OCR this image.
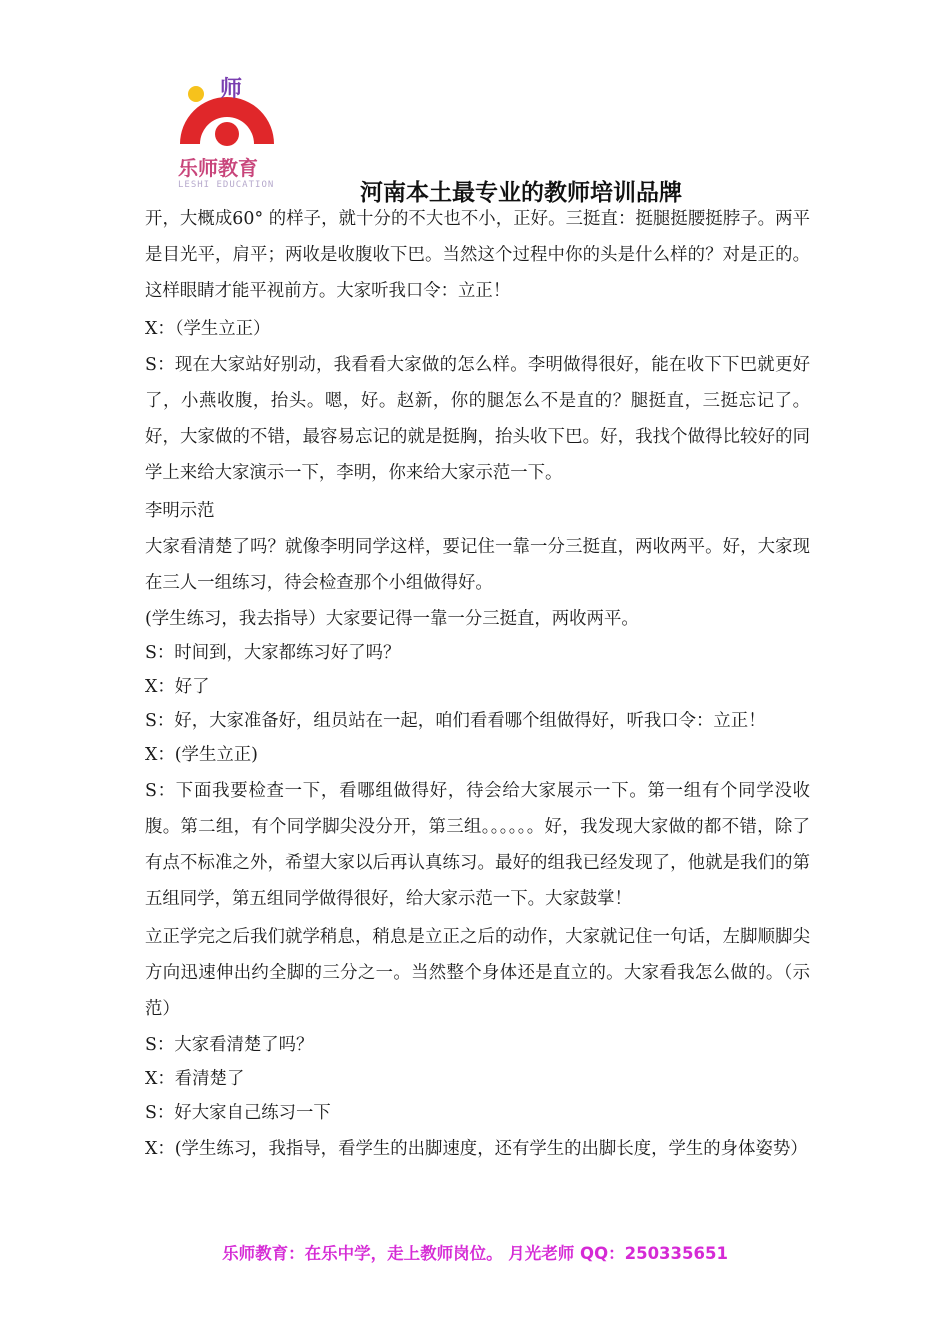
师
乐师教育
LESHI EDUCATION	河南本土最专业的教师培训品牌
开，大概成60° 的样子，就十分的不大也不小，正好。三挺直：挺腿挺腰挺脖子。两平是目光平，肩平；两收是收腹收下巴。当然这个过程中你的头是什么样的？对是正的。这样眼睛才能平视前方。大家听我口令：立正！
X：（学生立正）
S：现在大家站好别动，我看看大家做的怎么样。李明做得很好，能在收下下巴就更好了，小燕收腹，抬头。嗯，好。赵新，你的腿怎么不是直的？腿挺直，三挺忘记了。好，大家做的不错，最容易忘记的就是挺胸，抬头收下巴。好，我找个做得比较好的同学上来给大家演示一下，李明，你来给大家示范一下。
李明示范
大家看清楚了吗？就像李明同学这样，要记住一靠一分三挺直，两收两平。好，大家现在三人一组练习，待会检查那个小组做得好。
(学生练习，我去指导）大家要记得一靠一分三挺直，两收两平。
S：时间到，大家都练习好了吗？
X：好了
S：好，大家准备好，组员站在一起，咱们看看哪个组做得好，听我口令：立正！
X：(学生立正)
S：下面我要检查一下，看哪组做得好，待会给大家展示一下。第一组有个同学没收腹。第二组，有个同学脚尖没分开，第三组。。。。。。好，我发现大家做的都不错，除了有点不标准之外，希望大家以后再认真练习。最好的组我已经发现了，他就是我们的第五组同学，第五组同学做得很好，给大家示范一下。大家鼓掌！
立正学完之后我们就学稍息，稍息是立正之后的动作，大家就记住一句话，左脚顺脚尖方向迅速伸出约全脚的三分之一。当然整个身体还是直立的。大家看我怎么做的。（示范）
S：大家看清楚了吗？
X：看清楚了
S：好大家自己练习一下
X：(学生练习，我指导，看学生的出脚速度，还有学生的出脚长度，学生的身体姿势）
乐师教育：在乐中学，走上教师岗位。 月光老师 QQ：250335651
